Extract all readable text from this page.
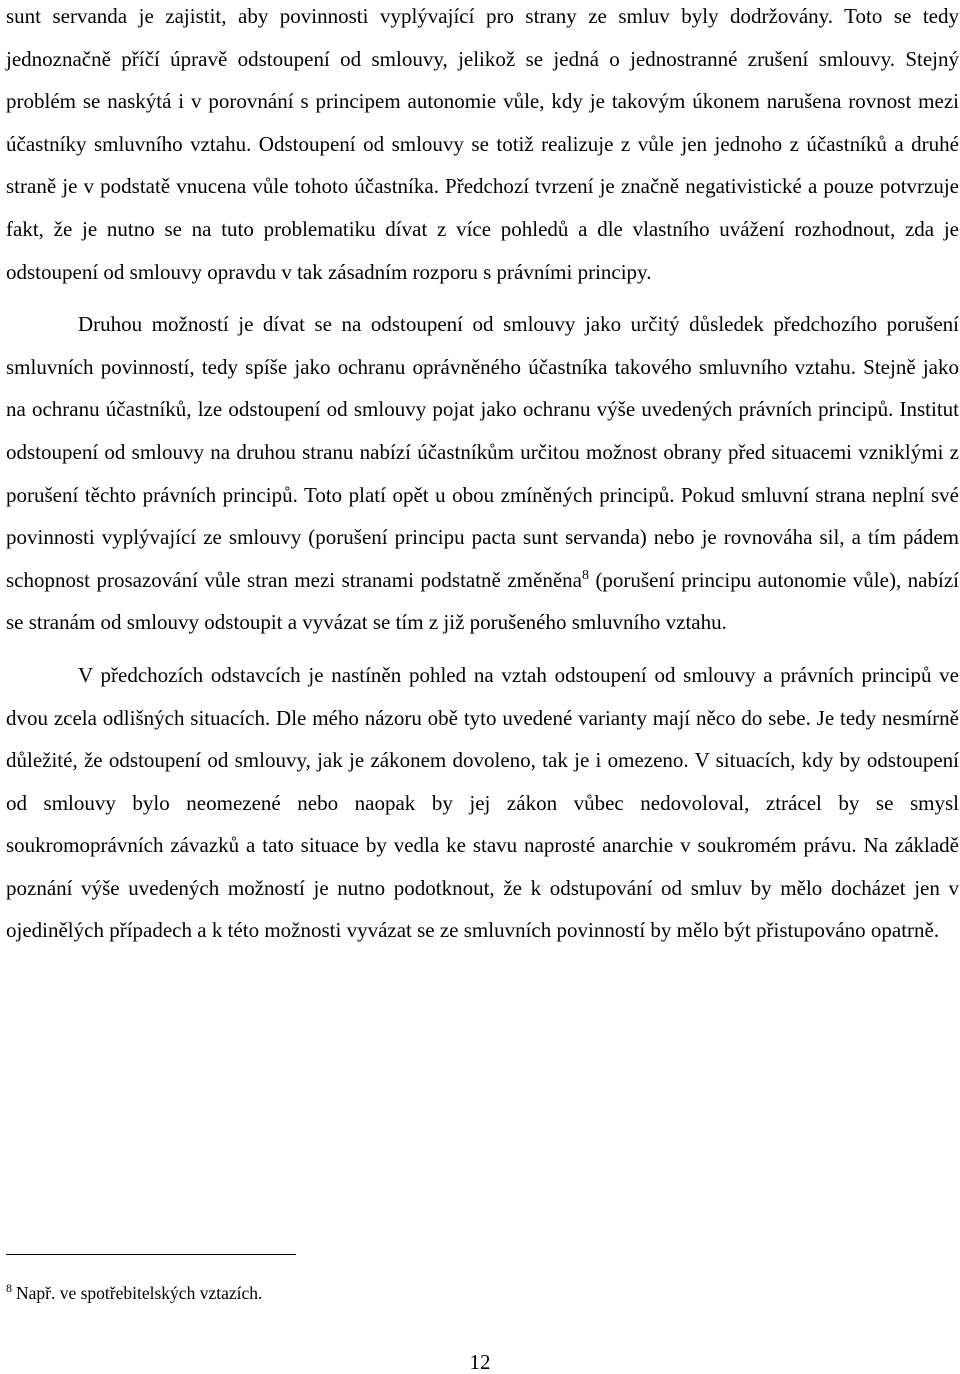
sunt servanda je zajistit, aby povinnosti vyplývající pro strany ze smluv byly dodržovány. Toto se tedy jednoznačně příčí úpravě odstoupení od smlouvy, jelikož se jedná o jednostranné zrušení smlouvy. Stejný problém se naskýtá i v porovnání s principem autonomie vůle, kdy je takovým úkonem narušena rovnost mezi účastníky smluvního vztahu. Odstoupení od smlouvy se totiž realizuje z vůle jen jednoho z účastníků a druhé straně je v podstatě vnucena vůle tohoto účastníka. Předchozí tvrzení je značně negativistické a pouze potvrzuje fakt, že je nutno se na tuto problematiku dívat z více pohledů a dle vlastního uvážení rozhodnout, zda je odstoupení od smlouvy opravdu v tak zásadním rozporu s právními principy.

Druhou možností je dívat se na odstoupení od smlouvy jako určitý důsledek předchozího porušení smluvních povinností, tedy spíše jako ochranu oprávněného účastníka takového smluvního vztahu. Stejně jako na ochranu účastníků, lze odstoupení od smlouvy pojat jako ochranu výše uvedených právních principů. Institut odstoupení od smlouvy na druhou stranu nabízí účastníkům určitou možnost obrany před situacemi vzniklými z porušení těchto právních principů. Toto platí opět u obou zmíněných principů. Pokud smluvní strana neplní své povinnosti vyplývající ze smlouvy (porušení principu pacta sunt servanda) nebo je rovnováha sil, a tím pádem schopnost prosazování vůle stran mezi stranami podstatně změněna$^8$ (porušení principu autonomie vůle), nabízí se stranám od smlouvy odstoupit a vyvázat se tím z již porušeného smluvního vztahu.

V předchozích odstavcích je nastíněn pohled na vztah odstoupení od smlouvy a právních principů ve dvou zcela odlišných situacích. Dle mého názoru obě tyto uvedené varianty mají něco do sebe. Je tedy nesmírně důležité, že odstoupení od smlouvy, jak je zákonem dovoleno, tak je i omezeno. V situacích, kdy by odstoupení od smlouvy bylo neomezené nebo naopak by jej zákon vůbec nedovoloval, ztrácel by se smysl soukromoprávních závazků a tato situace by vedla ke stavu naprosté anarchie v soukromém právu. Na základě poznání výše uvedených možností je nutno podotknout, že k odstupování od smluv by mělo docházet jen v ojedinělých případech a k této možnosti vyvázat se ze smluvních povinností by mělo být přistupováno opatrně.

$^8$ Např. ve spotřebitelských vztazích.
12
